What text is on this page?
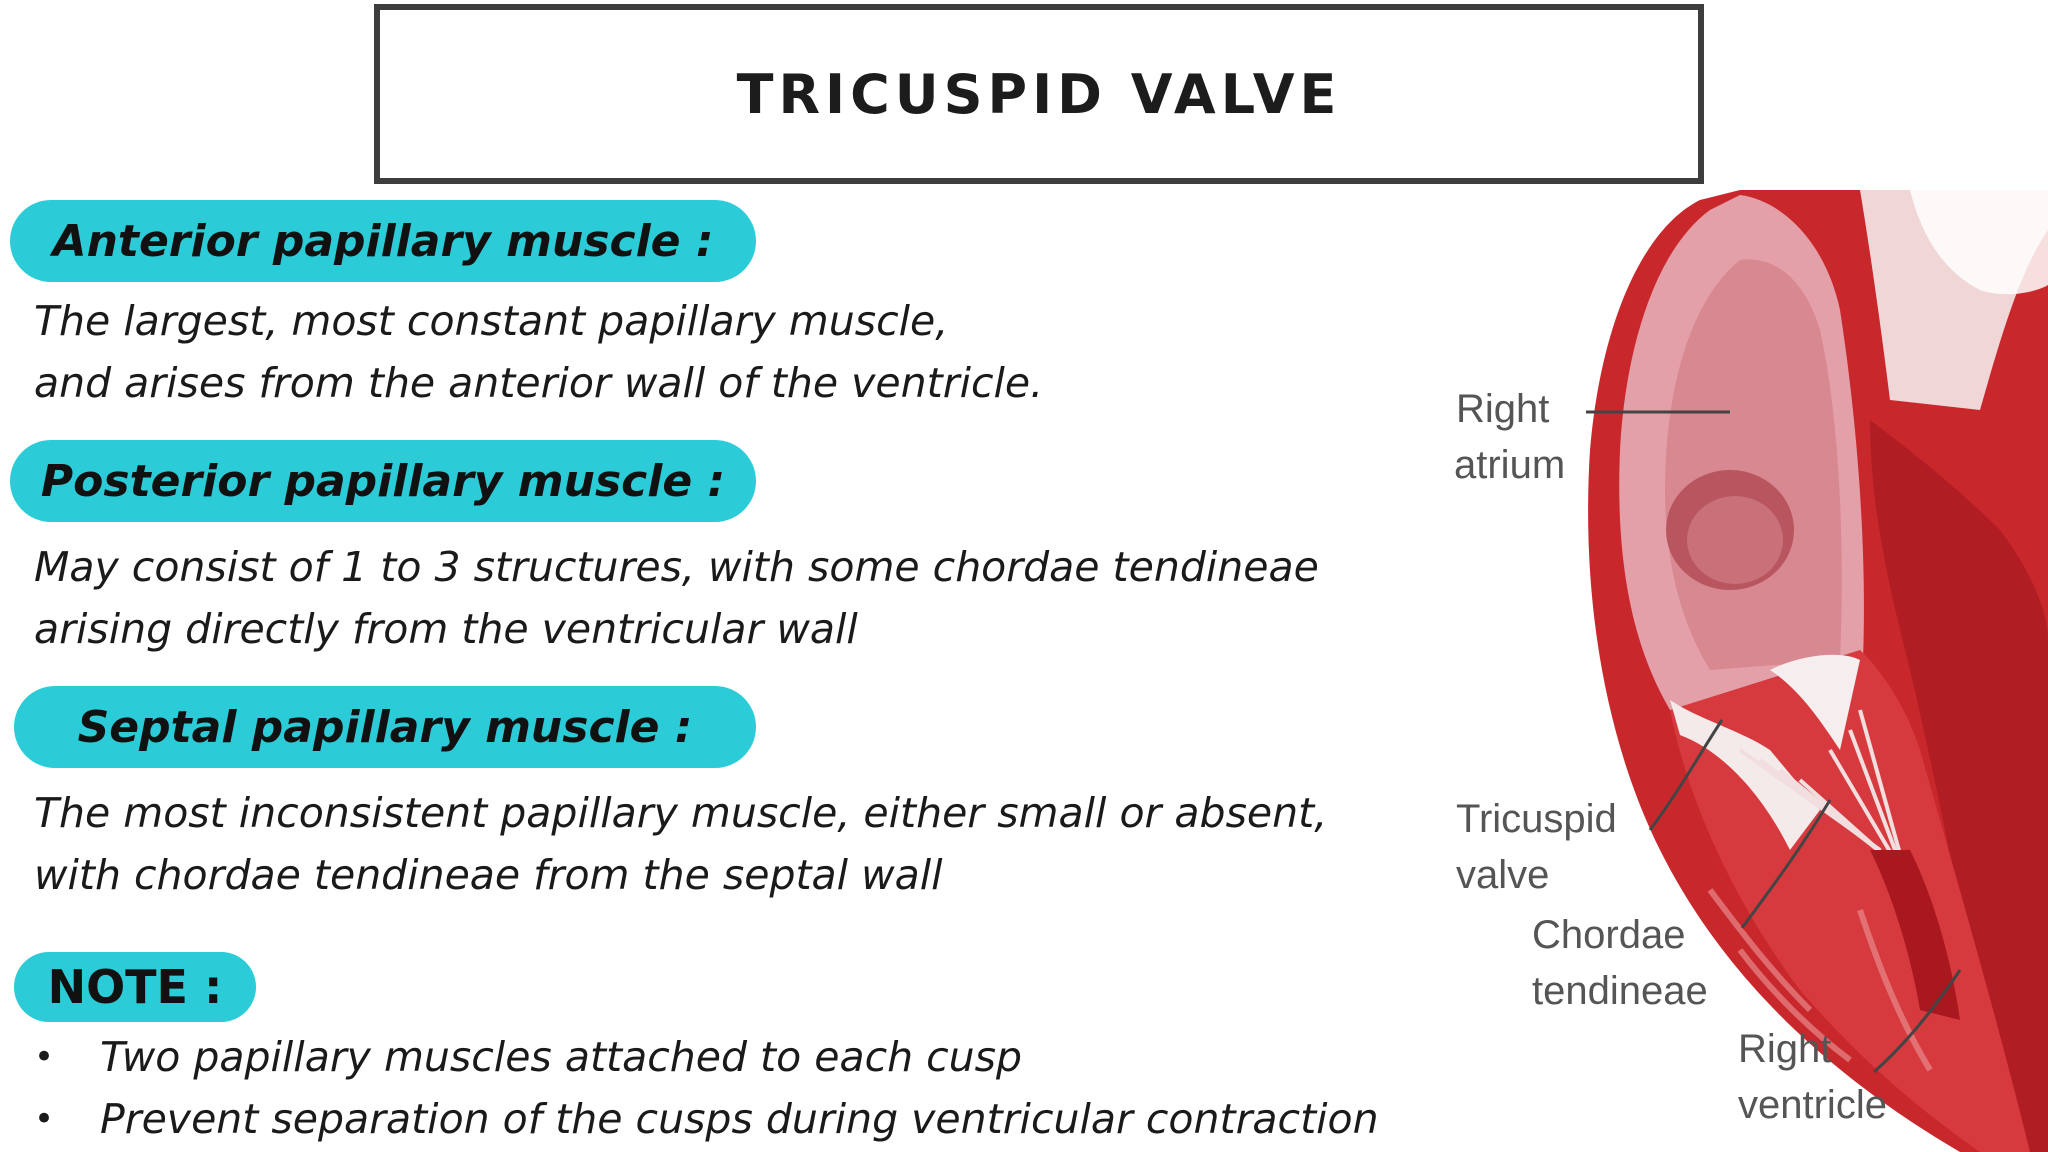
TRICUSPID VALVE
Anterior papillary muscle :

The largest, most constant papillary muscle,
and arises from the anterior wall of the ventricle.

Posterior papillary muscle :

May consist of 1 to 3 structures, with some chordae tendineae
arising directly from the ventricular wall

Septal papillary muscle :

The most inconsistent papillary muscle, either small or absent,
with chordae tendineae from the septal wall

NOTE :
• Two papillary muscles attached to each cusp
• Prevent separation of the cusps during ventricular contraction
Right
atrium
Tricuspid
valve
Chordae
tendineae
Right
ventricle
